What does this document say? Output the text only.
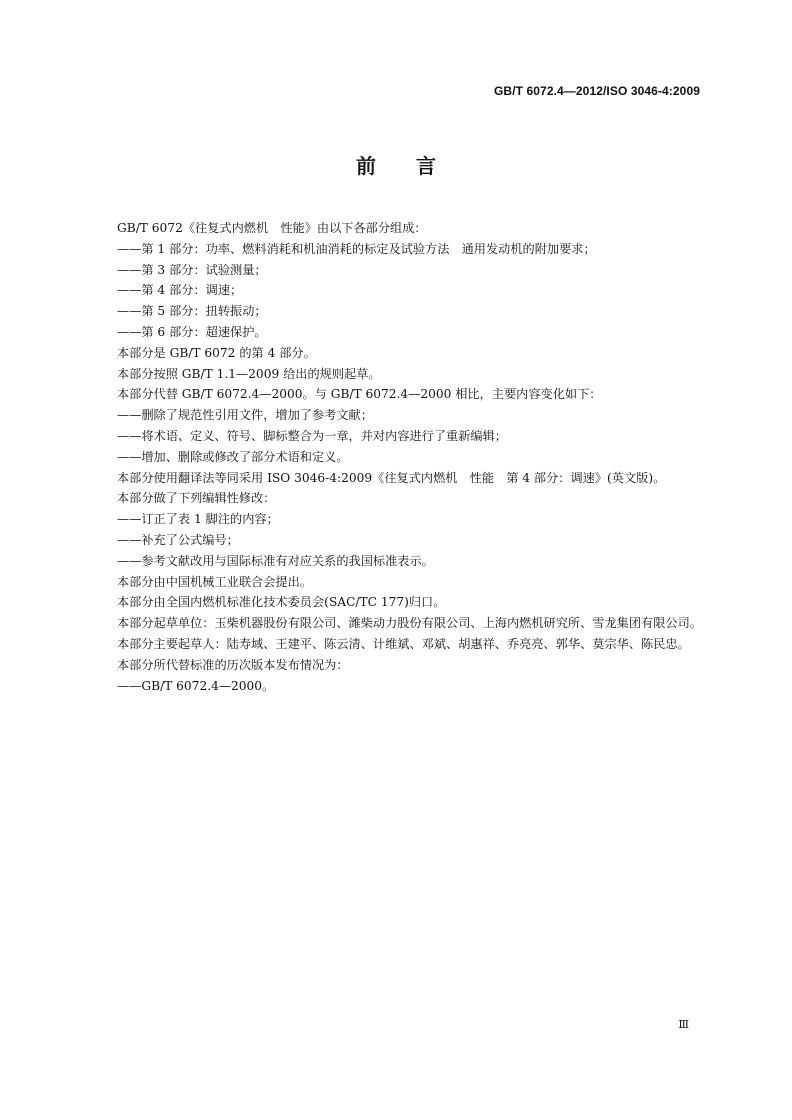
GB/T 6072.4—2012/ISO 3046-4:2009
前言

GB/T 6072《往复式内燃机　性能》由以下各部分组成：

——第 1 部分：功率、燃料消耗和机油消耗的标定及试验方法　通用发动机的附加要求；

——第 3 部分：试验测量；

——第 4 部分：调速；

——第 5 部分：扭转振动；

——第 6 部分：超速保护。

本部分是 GB/T 6072 的第 4 部分。

本部分按照 GB/T 1.1—2009 给出的规则起草。

本部分代替 GB/T 6072.4—2000。与 GB/T 6072.4—2000 相比，主要内容变化如下：

——删除了规范性引用文件，增加了参考文献；

——将术语、定义、符号、脚标整合为一章，并对内容进行了重新编辑；

——增加、删除或修改了部分术语和定义。

本部分使用翻译法等同采用 ISO 3046-4:2009《往复式内燃机　性能　第 4 部分：调速》(英文版)。

本部分做了下列编辑性修改：

——订正了表 1 脚注的内容；

——补充了公式编号；

——参考文献改用与国际标准有对应关系的我国标准表示。

本部分由中国机械工业联合会提出。

本部分由全国内燃机标准化技术委员会(SAC/TC 177)归口。

本部分起草单位：玉柴机器股份有限公司、潍柴动力股份有限公司、上海内燃机研究所、雪龙集团有限公司。

本部分主要起草人：陆寿域、王建平、陈云清、计维斌、邓斌、胡惠祥、乔亮亮、郭华、莫宗华、陈民忠。

本部分所代替标准的历次版本发布情况为：

——GB/T 6072.4—2000。

Ⅲ
